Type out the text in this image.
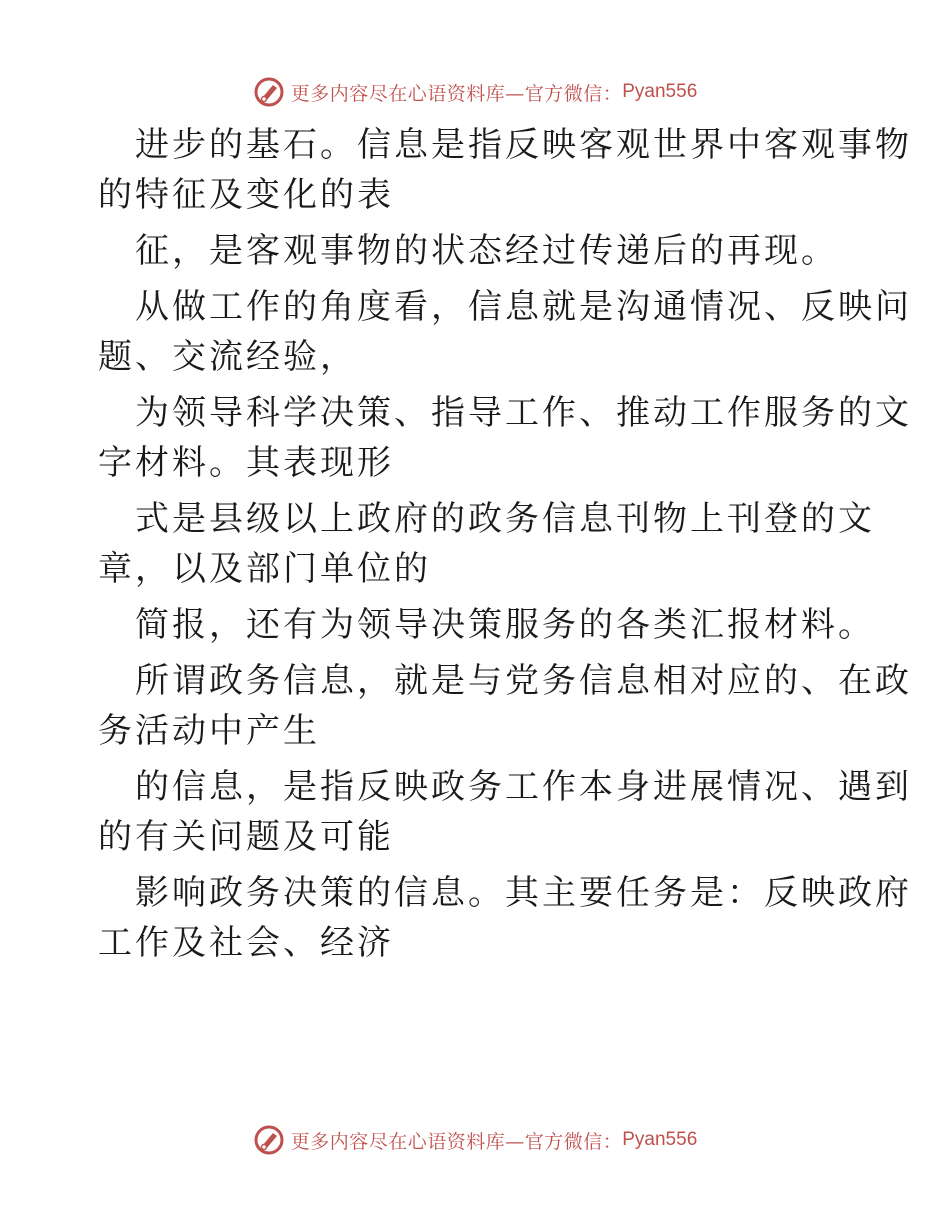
更多内容尽在心语资料库—官方微信： Pyan556
进步的基石。信息是指反映客观世界中客观事物
的特征及变化的表
征，是客观事物的状态经过传递后的再现。
从做工作的角度看，信息就是沟通情况、反映问
题、交流经验，
为领导科学决策、指导工作、推动工作服务的文
字材料。其表现形
式是县级以上政府的政务信息刊物上刊登的文
章，以及部门单位的
简报，还有为领导决策服务的各类汇报材料。
所谓政务信息，就是与党务信息相对应的、在政
务活动中产生
的信息，是指反映政务工作本身进展情况、遇到
的有关问题及可能
影响政务决策的信息。其主要任务是：反映政府
工作及社会、经济
更多内容尽在心语资料库—官方微信： Pyan556
